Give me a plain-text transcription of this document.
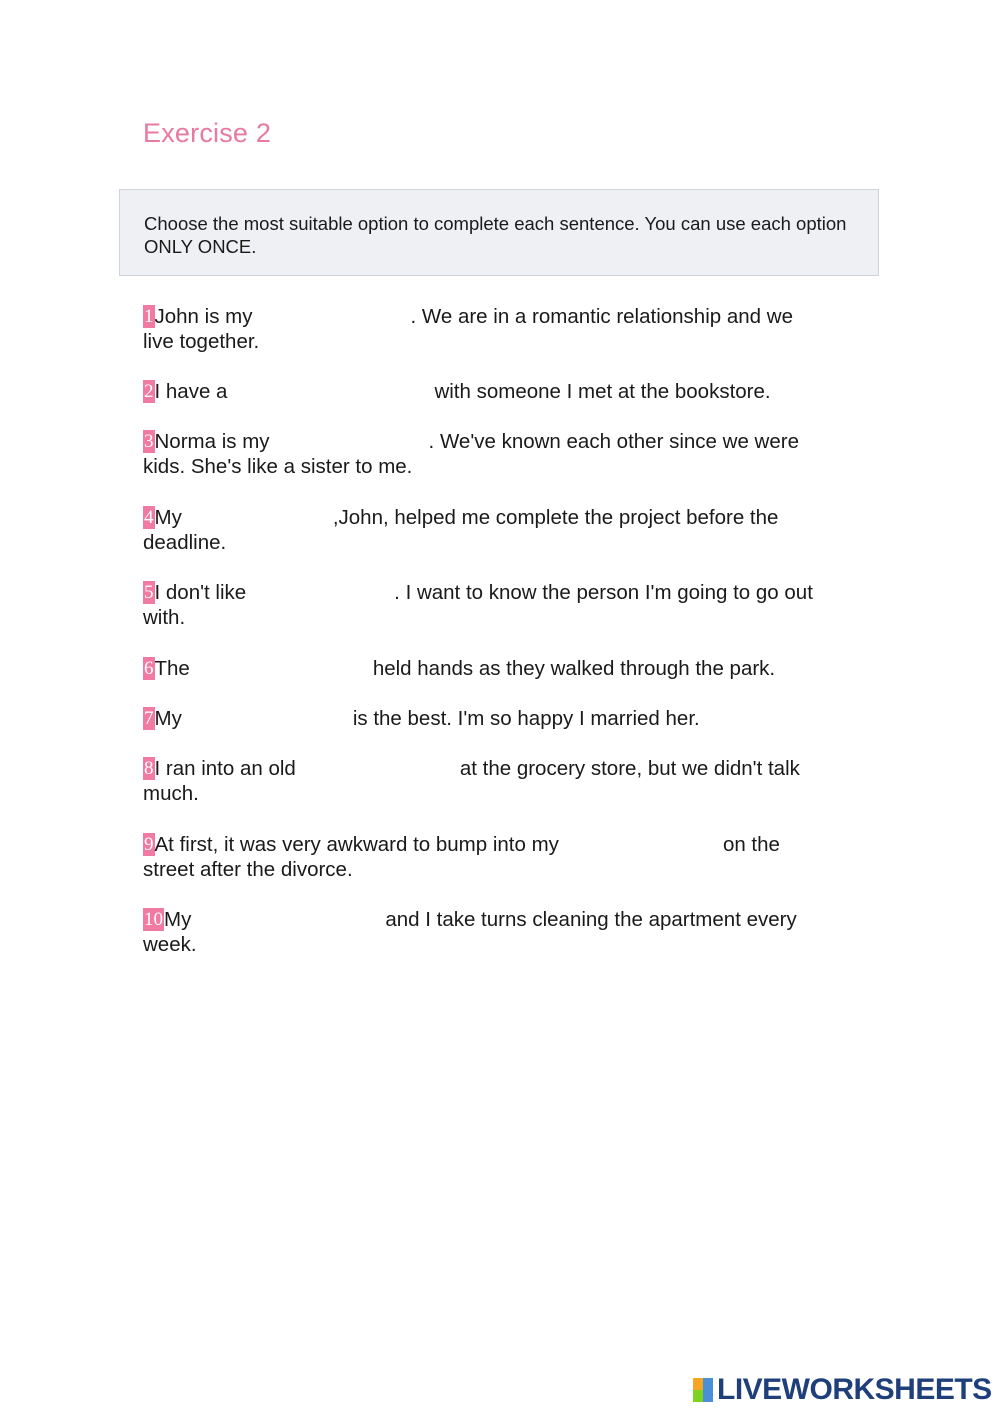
Exercise 2
Choose the most suitable option to complete each sentence. You can use each option ONLY ONCE.
1John is my	. We are in a romantic relationship and we
live together.
2I have a	with someone I met at the bookstore.
3Norma is my	. We've known each other since we were
kids. She's like a sister to me.
4My	,John, helped me complete the project before the
deadline.
5I don't like	. I want to know the person I'm going to go out
with.
6The	held hands as they walked through the park.
7My	is the best. I'm so happy I married her.
8I ran into an old	at the grocery store, but we didn't talk
much.
9At first, it was very awkward to bump into my	on the
street after the divorce.
10My	and I take turns cleaning the apartment every
week.
LIVEWORKSHEETS
